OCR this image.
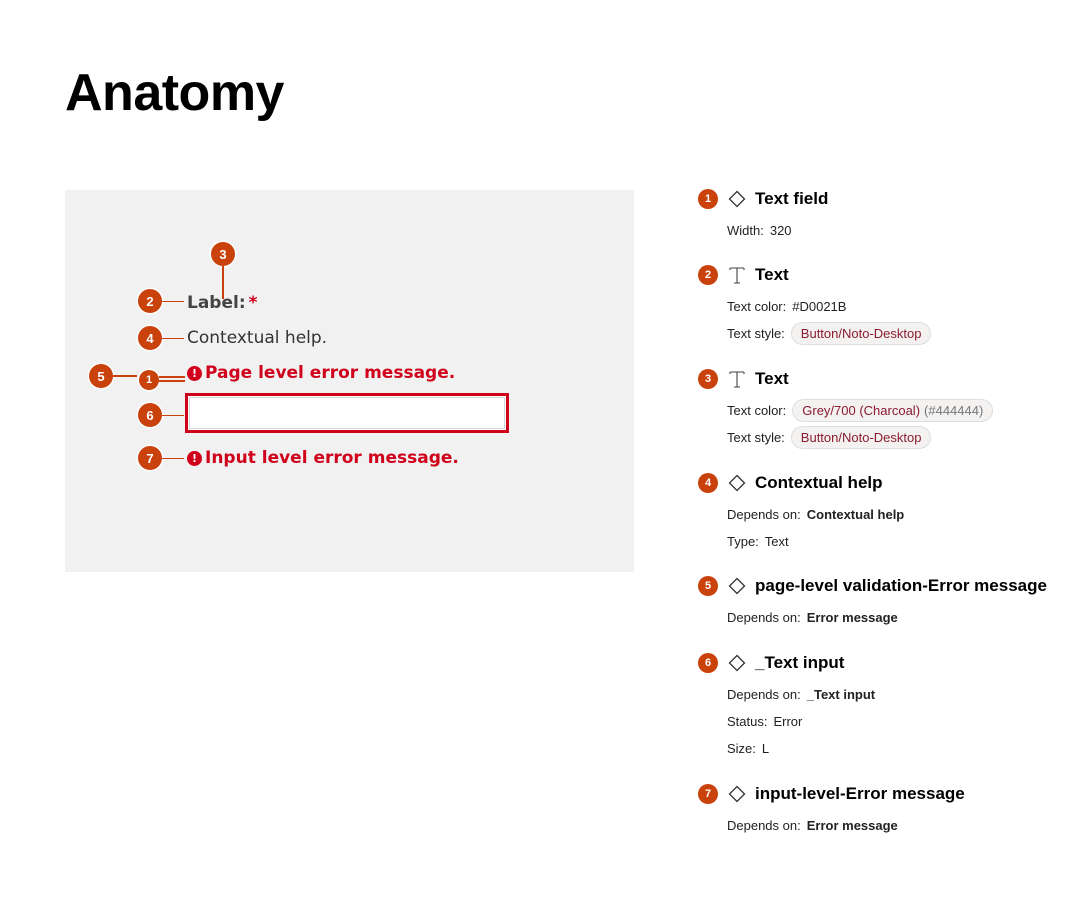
Anatomy
3
2	Label: *
4	Contextual help.
5	1	! Page level error message.
6
7	! Input level error message.
1	Text field
Width: 320
2	Text
Text color: #D0021B
Text style:	Button/Noto-Desktop
3	Text
Text color:	Grey/700 (Charcoal) (#444444)
Text style:	Button/Noto-Desktop
4	Contextual help
Depends on: Contextual help
Type: Text
5	page-level validation-Error message
Depends on: Error message
6	_Text input
Depends on: _Text input
Status: Error
Size: L
7	input-level-Error message
Depends on: Error message
